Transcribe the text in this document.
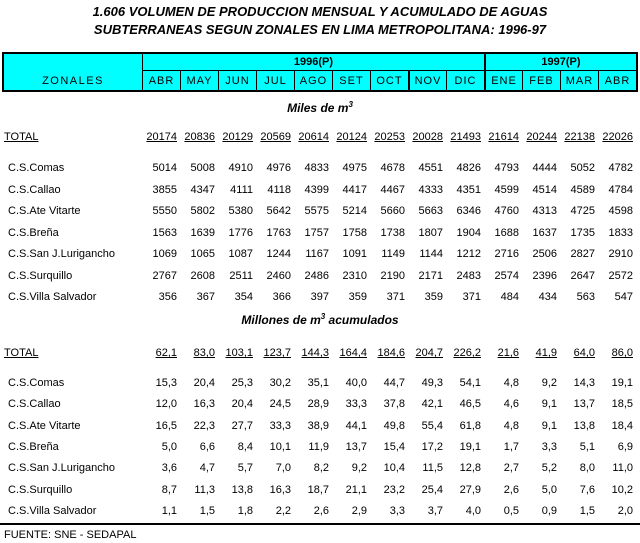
1.606 VOLUMEN DE PRODUCCION MENSUAL Y ACUMULADO DE AGUAS
SUBTERRANEAS SEGUN ZONALES EN LIMA METROPOLITANA: 1996-97
ZONALES
1996(P)	1997(P)
ABR	MAY	JUN	JUL	AGO	SET	OCT	NOV	DIC	ENE	FEB	MAR	ABR
Miles de $m^3$
Millones de $m^3$ acumulados
TOTAL	20174 20836 20129 20569 20614 20124 20253 20028 21493 21614 20244 22138 22026
C.S.Comas	5014	5008	4910	4976	4833	4975	4678	4551	4826	4793	4444	5052	4782
C.S.Callao	3855	4347	4111	4118	4399	4417	4467	4333	4351	4599	4514	4589	4784
C.S.Ate Vitarte	5550	5802	5380	5642	5575	5214	5660	5663	6346	4760	4313	4725	4598
C.S.Breña	1563	1639	1776	1763	1757	1758	1738	1807	1904	1688	1637	1735	1833
C.S.San J.Lurigancho	1069	1065	1087	1244	1167	1091	1149	1144	1212	2716	2506	2827	2910
C.S.Surquillo	2767	2608	2511	2460	2486	2310	2190	2171	2483	2574	2396	2647	2572
C.S.Villa Salvador	356	367	354	366	397	359	371	359	371	484	434	563	547
TOTAL	62,1	83,0 103,1 123,7 144,3 164,4 184,6 204,7 226,2	21,6	41,9	64,0	86,0
C.S.Comas	15,3	20,4	25,3	30,2	35,1	40,0	44,7	49,3	54,1	4,8	9,2	14,3	19,1
C.S.Callao	12,0	16,3	20,4	24,5	28,9	33,3	37,8	42,1	46,5	4,6	9,1	13,7	18,5
C.S.Ate Vitarte	16,5	22,3	27,7	33,3	38,9	44,1	49,8	55,4	61,8	4,8	9,1	13,8	18,4
C.S.Breña	5,0	6,6	8,4	10,1	11,9	13,7	15,4	17,2	19,1	1,7	3,3	5,1	6,9
C.S.San J.Lurigancho	3,6	4,7	5,7	7,0	8,2	9,2	10,4	11,5	12,8	2,7	5,2	8,0	11,0
C.S.Surquillo	8,7	11,3	13,8	16,3	18,7	21,1	23,2	25,4	27,9	2,6	5,0	7,6	10,2
C.S.Villa Salvador	1,1	1,5	1,8	2,2	2,6	2,9	3,3	3,7	4,0	0,5	0,9	1,5	2,0
FUENTE: SNE - SEDAPAL
